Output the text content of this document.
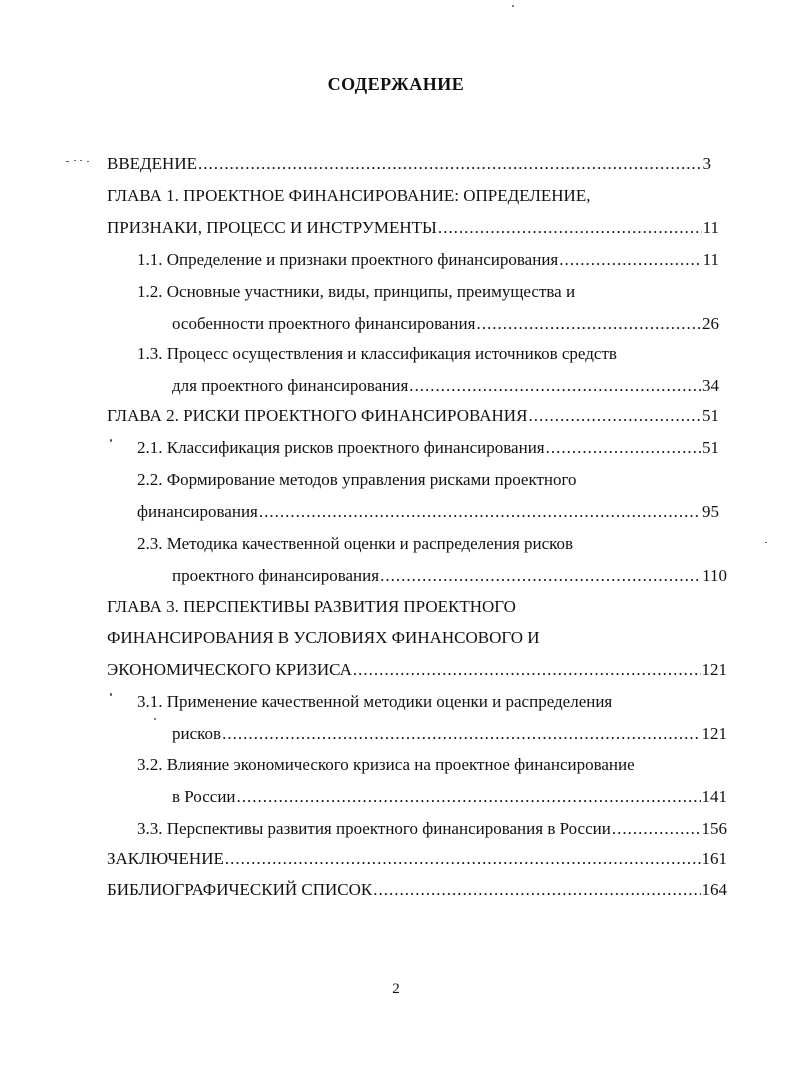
СОДЕРЖАНИЕ
ВВЕДЕНИЕ .....	3
ГЛАВА 1. ПРОЕКТНОЕ ФИНАНСИРОВАНИЕ: ОПРЕДЕЛЕНИЕ,
ПРИЗНАКИ, ПРОЦЕСС И ИНСТРУМЕНТЫ .....	11
1.1. Определение и признаки проектного финансирования .....	11
1.2. Основные участники, виды, принципы, преимущества и
особенности проектного финансирования .....	26
1.3. Процесс осуществления и классификация источников средств
для проектного финансирования .....	34
ГЛАВА 2. РИСКИ ПРОЕКТНОГО ФИНАНСИРОВАНИЯ .....	51
2.1. Классификация рисков проектного финансирования .....	51
2.2. Формирование методов управления рисками проектного
финансирования .....	95
2.3. Методика качественной оценки и распределения рисков
проектного финансирования .....	110
ГЛАВА 3. ПЕРСПЕКТИВЫ РАЗВИТИЯ ПРОЕКТНОГО
ФИНАНСИРОВАНИЯ В УСЛОВИЯХ ФИНАНСОВОГО И
ЭКОНОМИЧЕСКОГО КРИЗИСА .....	121
3.1. Применение качественной методики оценки и распределения
рисков .....	121
3.2. Влияние экономического кризиса на проектное финансирование
в России .....	141
3.3. Перспективы развития проектного финансирования в России .....	156
ЗАКЛЮЧЕНИЕ .....	161
БИБЛИОГРАФИЧЕСКИЙ СПИСОК .....	164
2
